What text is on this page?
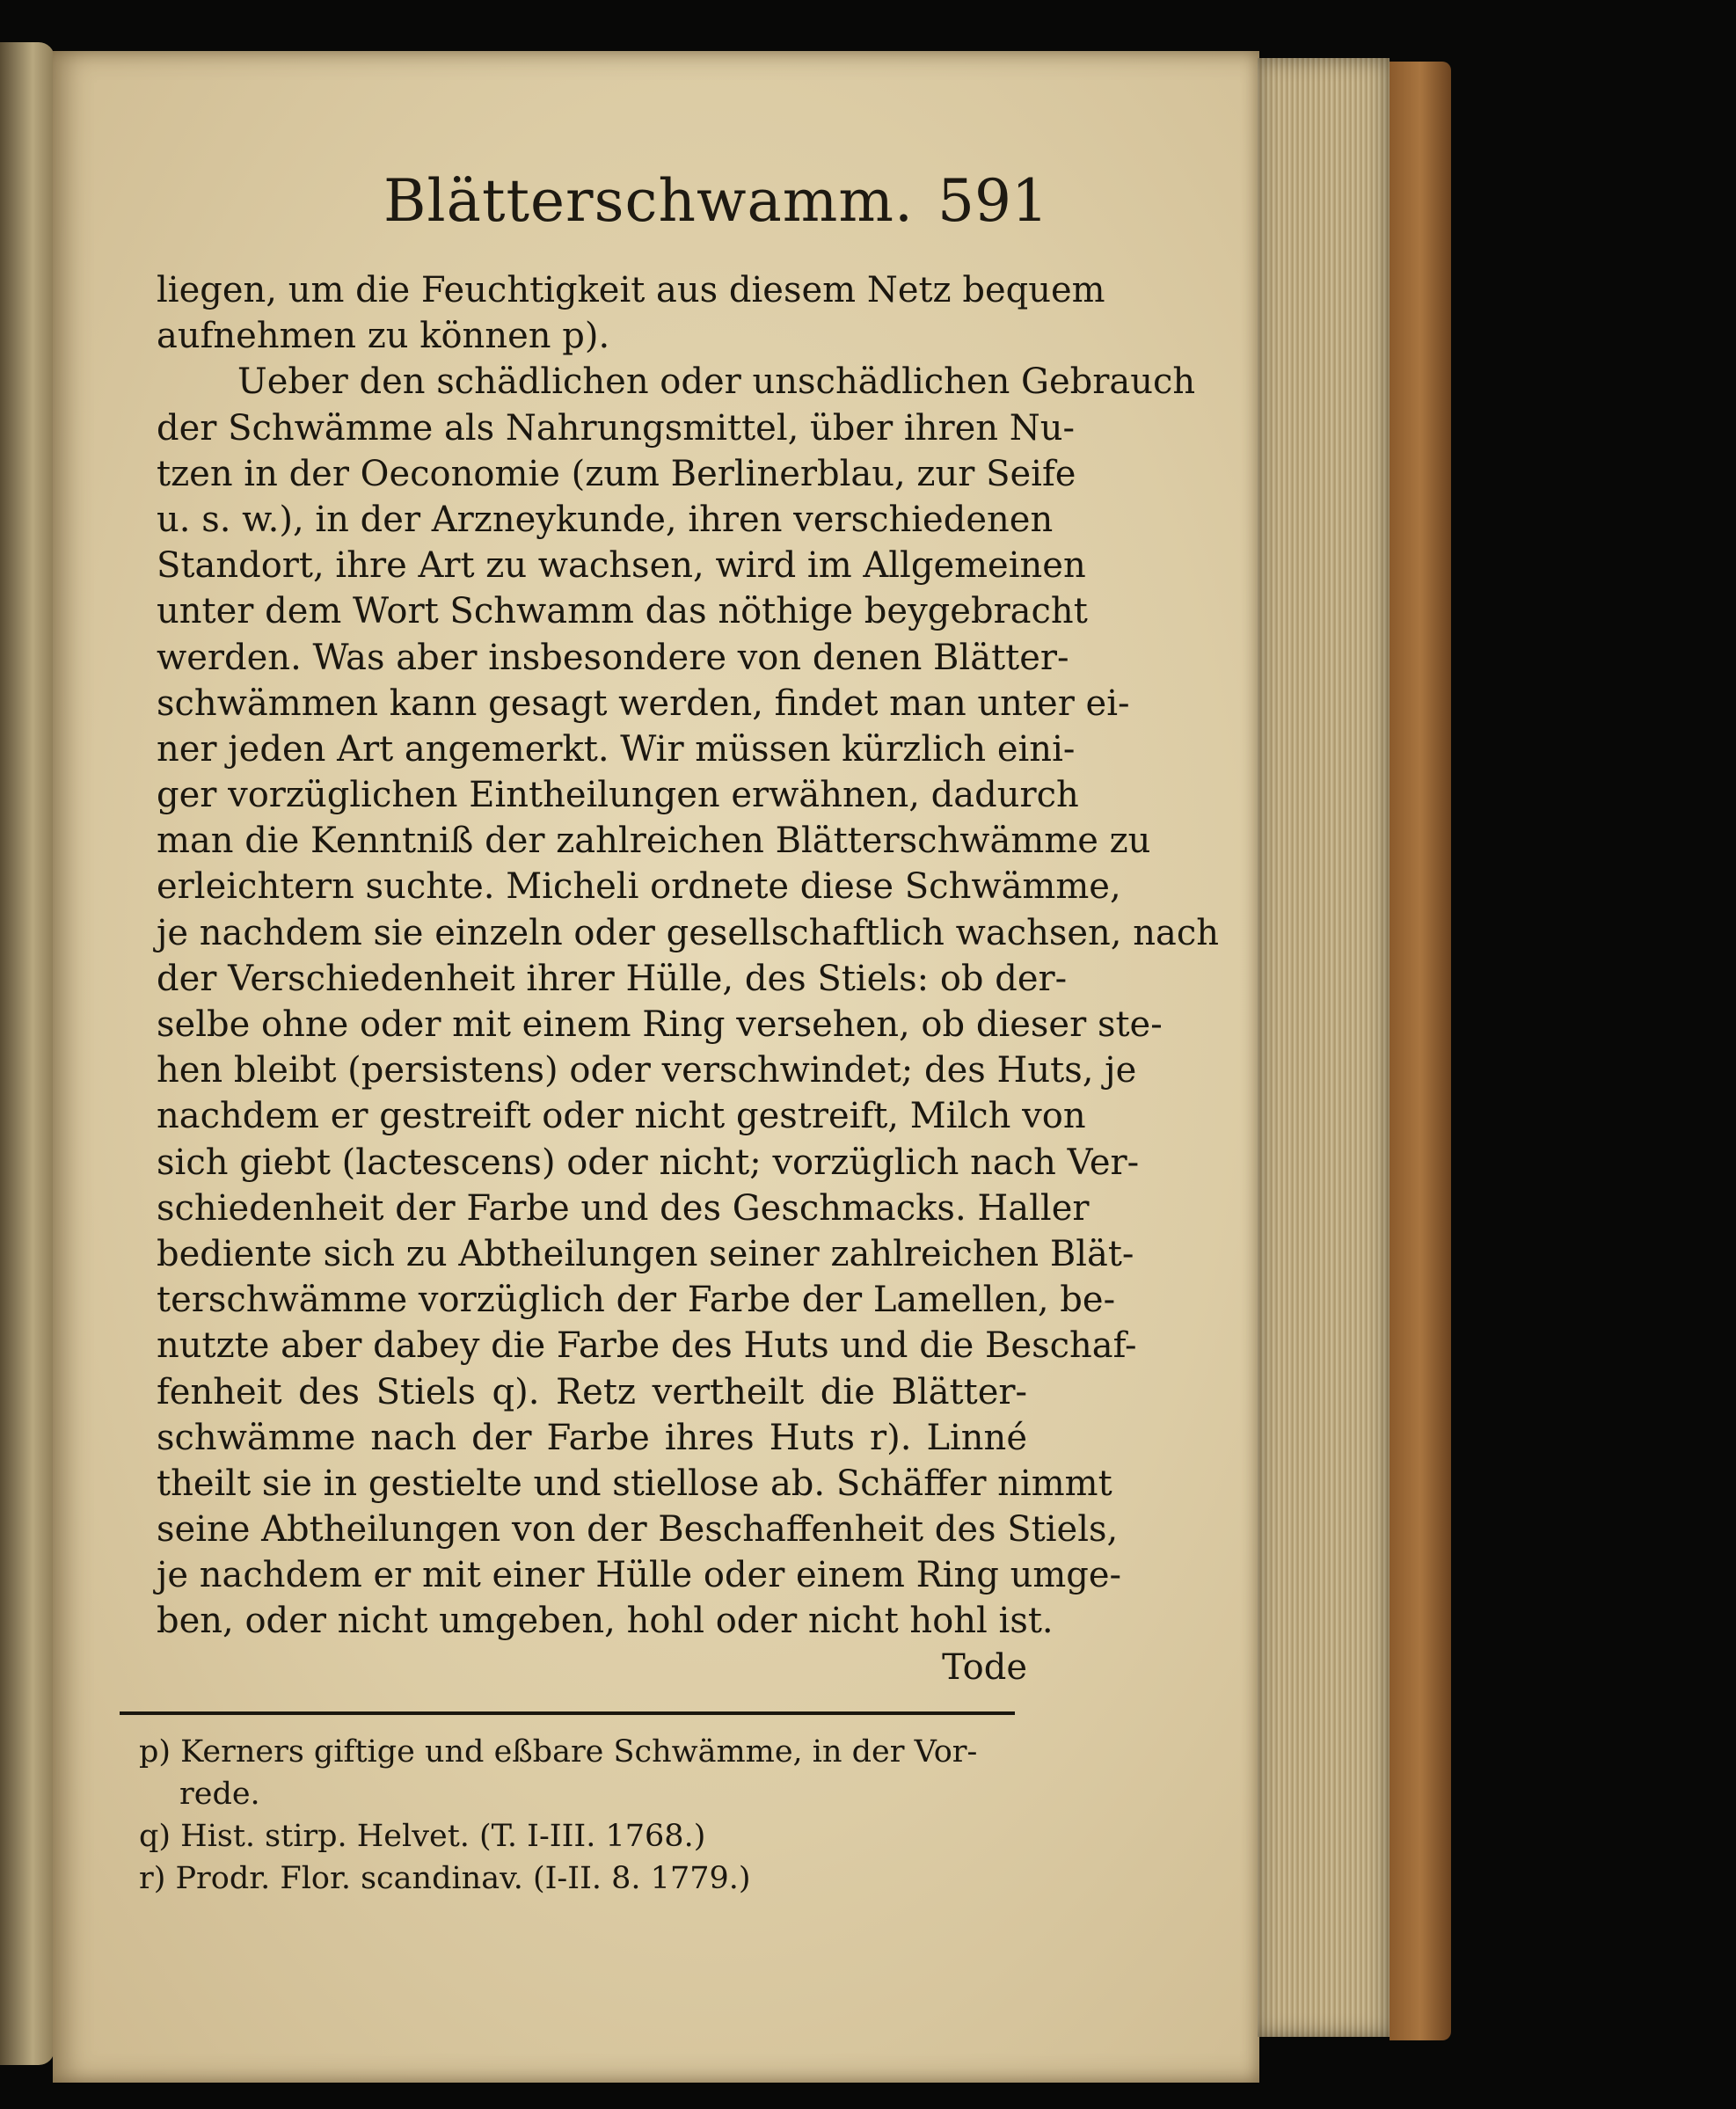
Blätterschwamm. 591
liegen, um die Feuchtigkeit aus diesem Netz bequem
aufnehmen zu können p).
Ueber den schädlichen oder unschädlichen Gebrauch
der Schwämme als Nahrungsmittel, über ihren Nu-
tzen in der Oeconomie (zum Berlinerblau, zur Seife
u. s. w.), in der Arzneykunde, ihren verschiedenen
Standort, ihre Art zu wachsen, wird im Allgemeinen
unter dem Wort Schwamm das nöthige beygebracht
werden. Was aber insbesondere von denen Blätter-
schwämmen kann gesagt werden, findet man unter ei-
ner jeden Art angemerkt. Wir müssen kürzlich eini-
ger vorzüglichen Eintheilungen erwähnen, dadurch
man die Kenntniß der zahlreichen Blätterschwämme zu
erleichtern suchte. Micheli ordnete diese Schwämme,
je nachdem sie einzeln oder gesellschaftlich wachsen, nach
der Verschiedenheit ihrer Hülle, des Stiels: ob der-
selbe ohne oder mit einem Ring versehen, ob dieser ste-
hen bleibt (persistens) oder verschwindet; des Huts, je
nachdem er gestreift oder nicht gestreift, Milch von
sich giebt (lactescens) oder nicht; vorzüglich nach Ver-
schiedenheit der Farbe und des Geschmacks. Haller
bediente sich zu Abtheilungen seiner zahlreichen Blät-
terschwämme vorzüglich der Farbe der Lamellen, be-
nutzte aber dabey die Farbe des Huts und die Beschaf-
fenheit des Stiels q). Retz vertheilt die Blätter-
schwämme nach der Farbe ihres Huts r). Linné
theilt sie in gestielte und stiellose ab. Schäffer nimmt
seine Abtheilungen von der Beschaffenheit des Stiels,
je nachdem er mit einer Hülle oder einem Ring umge-
ben, oder nicht umgeben, hohl oder nicht hohl ist.
Tode
p) Kerners giftige und eßbare Schwämme, in der Vor-
rede.
q) Hist. stirp. Helvet. (T. I-III. 1768.)
r) Prodr. Flor. scandinav. (I-II. 8. 1779.)
